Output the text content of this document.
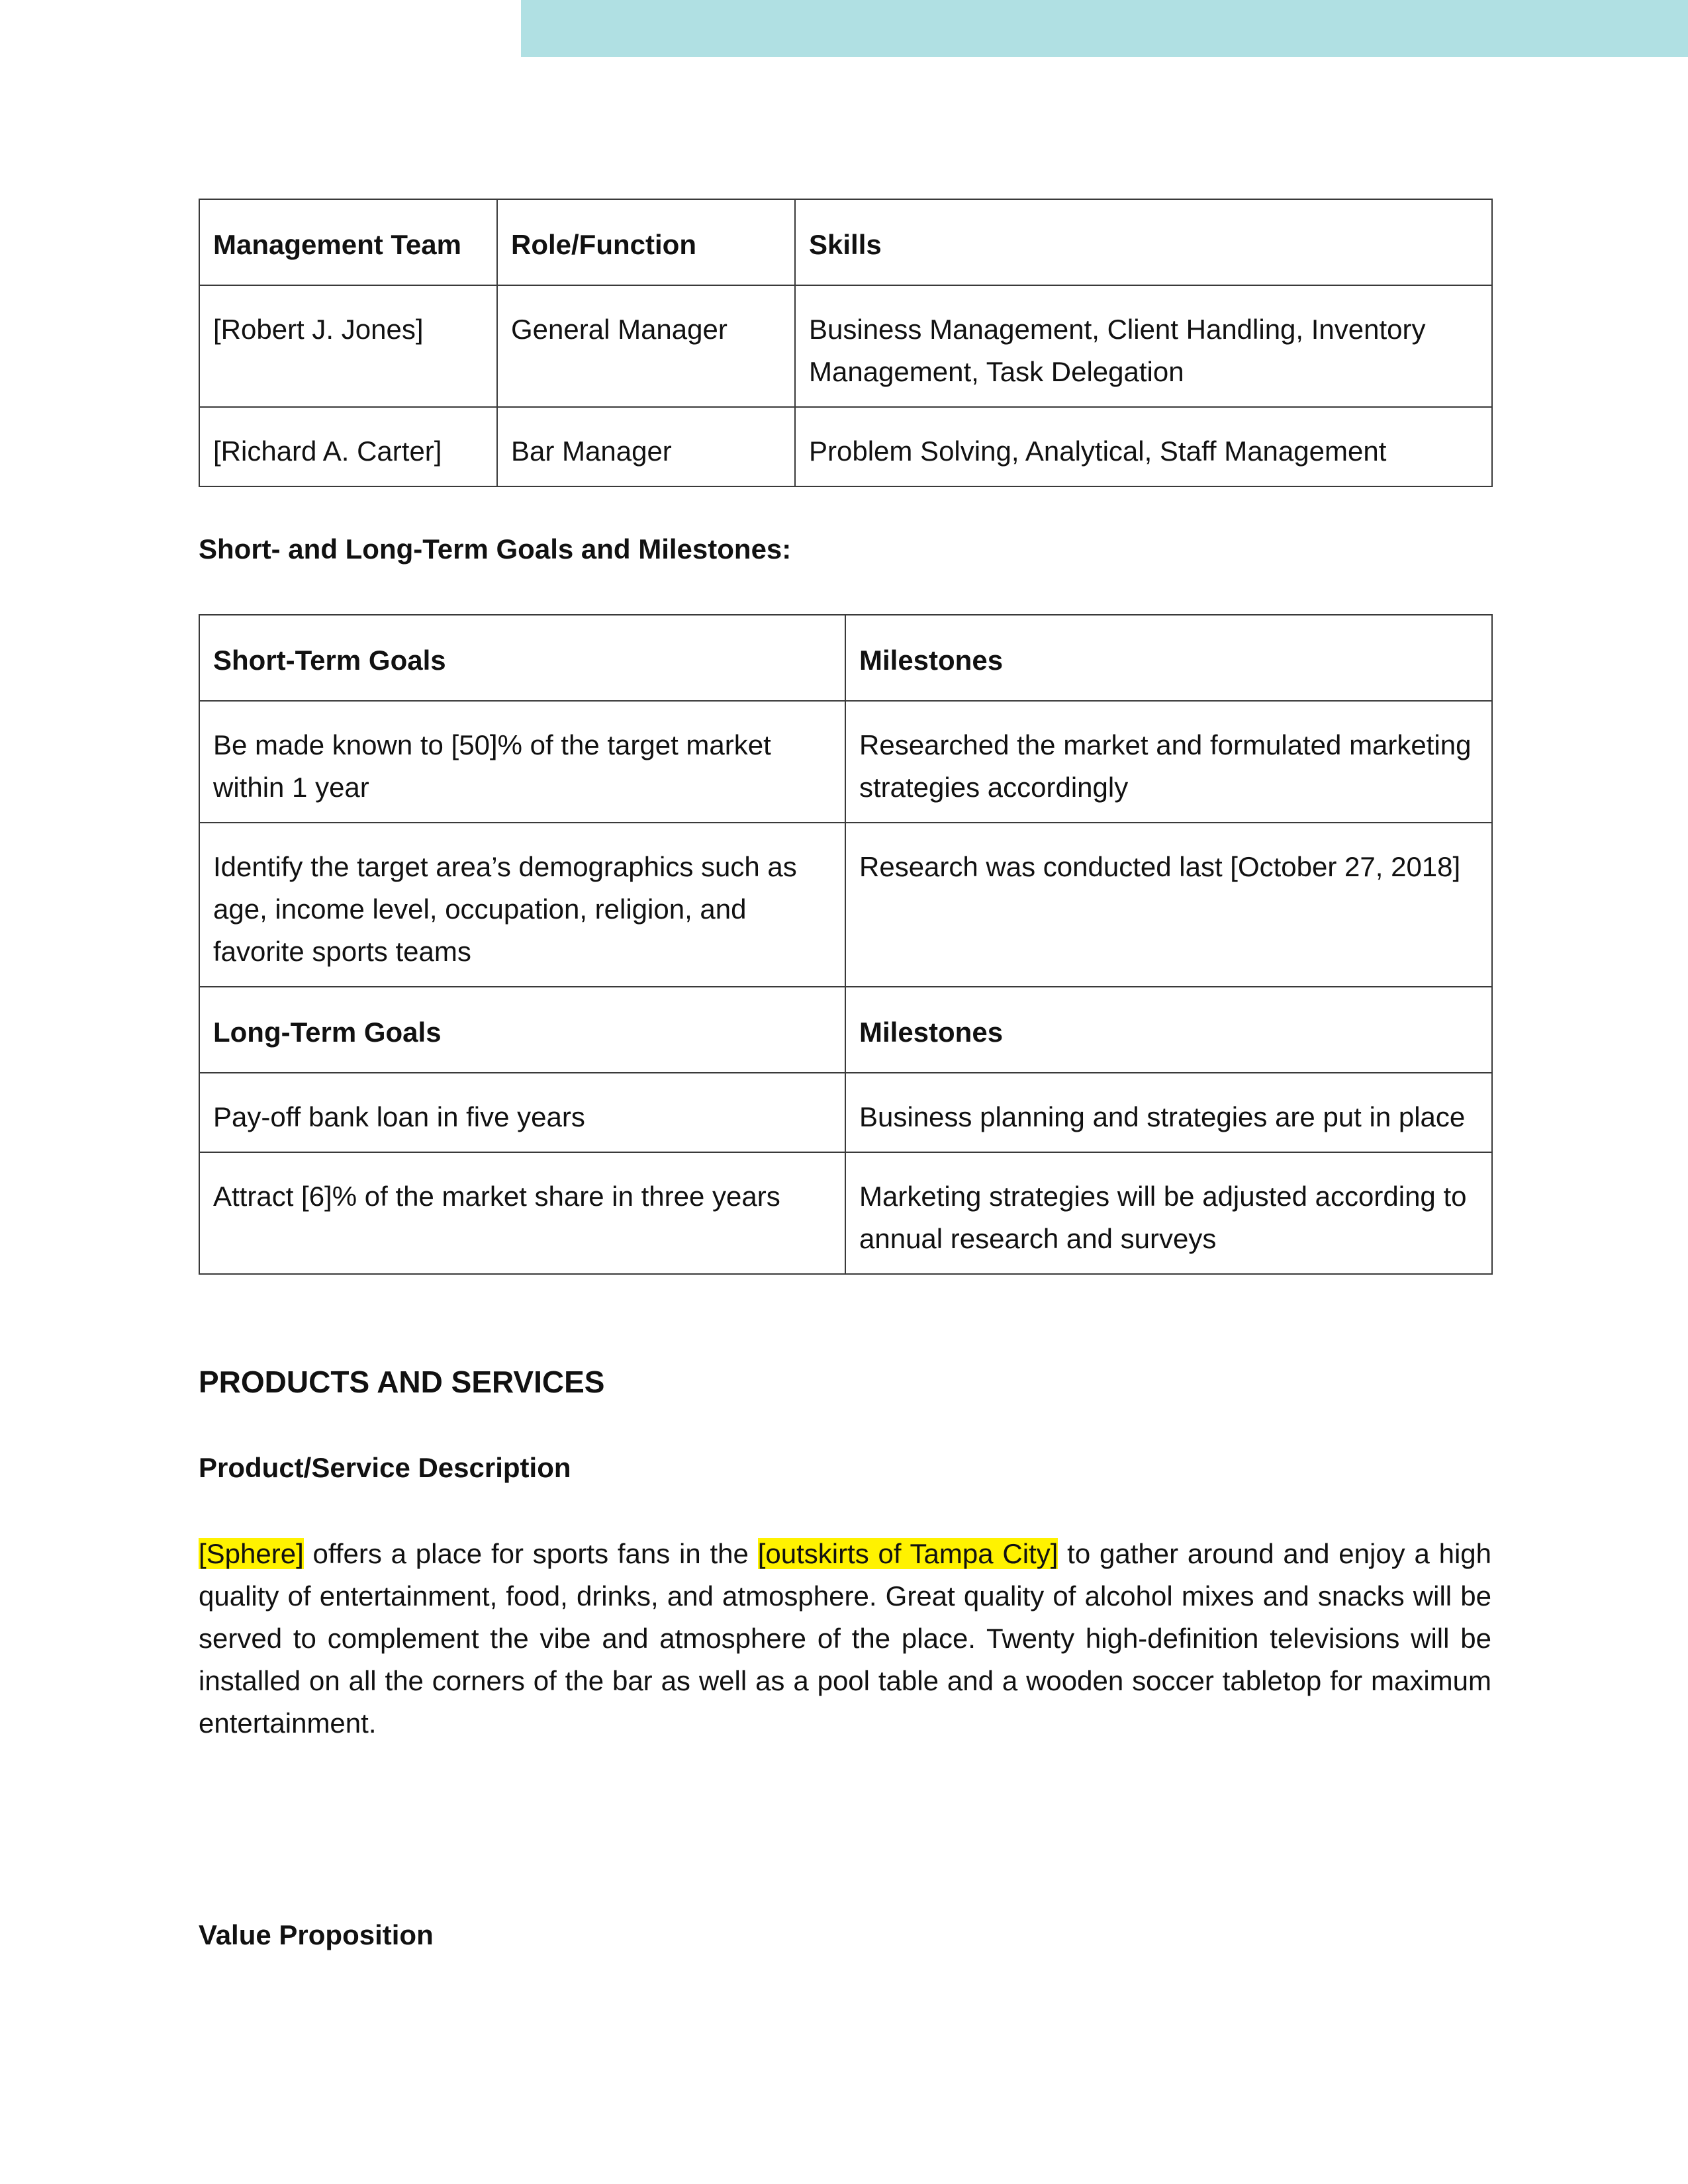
Management Team	Role/Function	Skills
[Robert J. Jones]	General Manager	Business Management, Client Handling, Inventory Management, Task Delegation
[Richard A. Carter]	Bar Manager	Problem Solving, Analytical, Staff Management

Short- and Long-Term Goals and Milestones:

Short-Term Goals	Milestones
Be made known to [50]% of the target market within 1 year	Researched the market and formulated marketing strategies accordingly
Identify the target area’s demographics such as age, income level, occupation, religion, and favorite sports teams	Research was conducted last [October 27, 2018]
Long-Term Goals	Milestones
Pay-off bank loan in five years	Business planning and strategies are put in place
Attract [6]% of the market share in three years	Marketing strategies will be adjusted according to annual research and surveys

PRODUCTS AND SERVICES

Product/Service Description

[Sphere] offers a place for sports fans in the [outskirts of Tampa City] to gather around and enjoy a high quality of entertainment, food, drinks, and atmosphere. Great quality of alcohol mixes and snacks will be served to complement the vibe and atmosphere of the place. Twenty high-definition televisions will be installed on all the corners of the bar as well as a pool table and a wooden soccer tabletop for maximum entertainment.

Value Proposition
